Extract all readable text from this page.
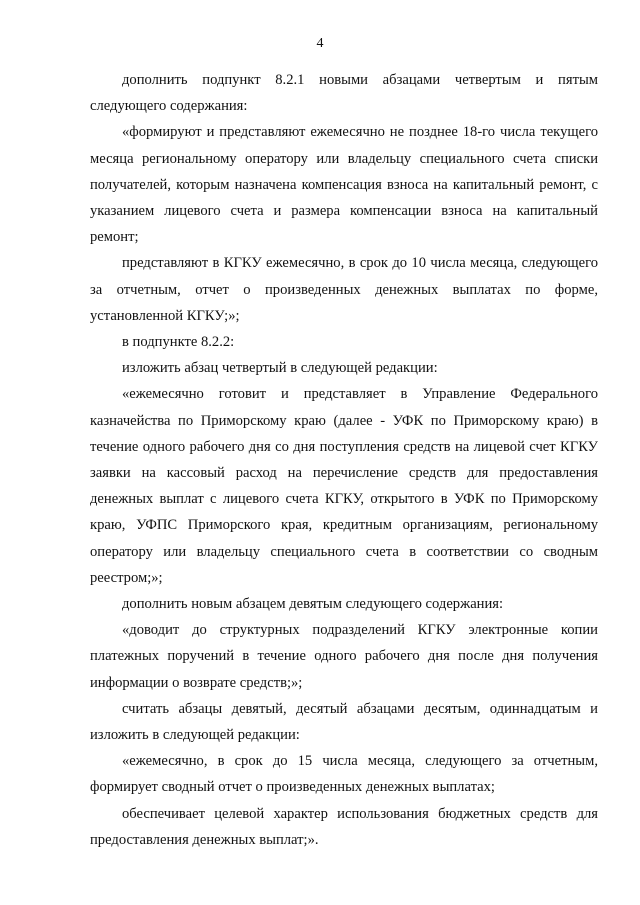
4

дополнить подпункт 8.2.1 новыми абзацами четвертым и пятым следующего содержания:

«формируют и представляют ежемесячно не позднее 18-го числа текущего месяца региональному оператору или владельцу специального счета списки получателей, которым назначена компенсация взноса на капитальный ремонт, с указанием лицевого счета и размера компенсации взноса на капитальный ремонт;

представляют в КГКУ ежемесячно, в срок до 10 числа месяца, следующего за отчетным, отчет о произведенных денежных выплатах по форме, установленной КГКУ;»;

в подпункте 8.2.2:

изложить абзац четвертый в следующей редакции:

«ежемесячно готовит и представляет в Управление Федерального казначейства по Приморскому краю (далее - УФК по Приморскому краю) в течение одного рабочего дня со дня поступления средств на лицевой счет КГКУ заявки на кассовый расход на перечисление средств для предоставления денежных выплат с лицевого счета КГКУ, открытого в УФК по Приморскому краю, УФПС Приморского края, кредитным организациям, региональному оператору или владельцу специального счета в соответствии со сводным реестром;»;

дополнить новым абзацем девятым следующего содержания:

«доводит до структурных подразделений КГКУ электронные копии платежных поручений в течение одного рабочего дня после дня получения информации о возврате средств;»;

считать абзацы девятый, десятый абзацами десятым, одиннадцатым и изложить в следующей редакции:

«ежемесячно, в срок до 15 числа месяца, следующего за отчетным, формирует сводный отчет о произведенных денежных выплатах;

обеспечивает целевой характер использования бюджетных средств для предоставления денежных выплат;».
